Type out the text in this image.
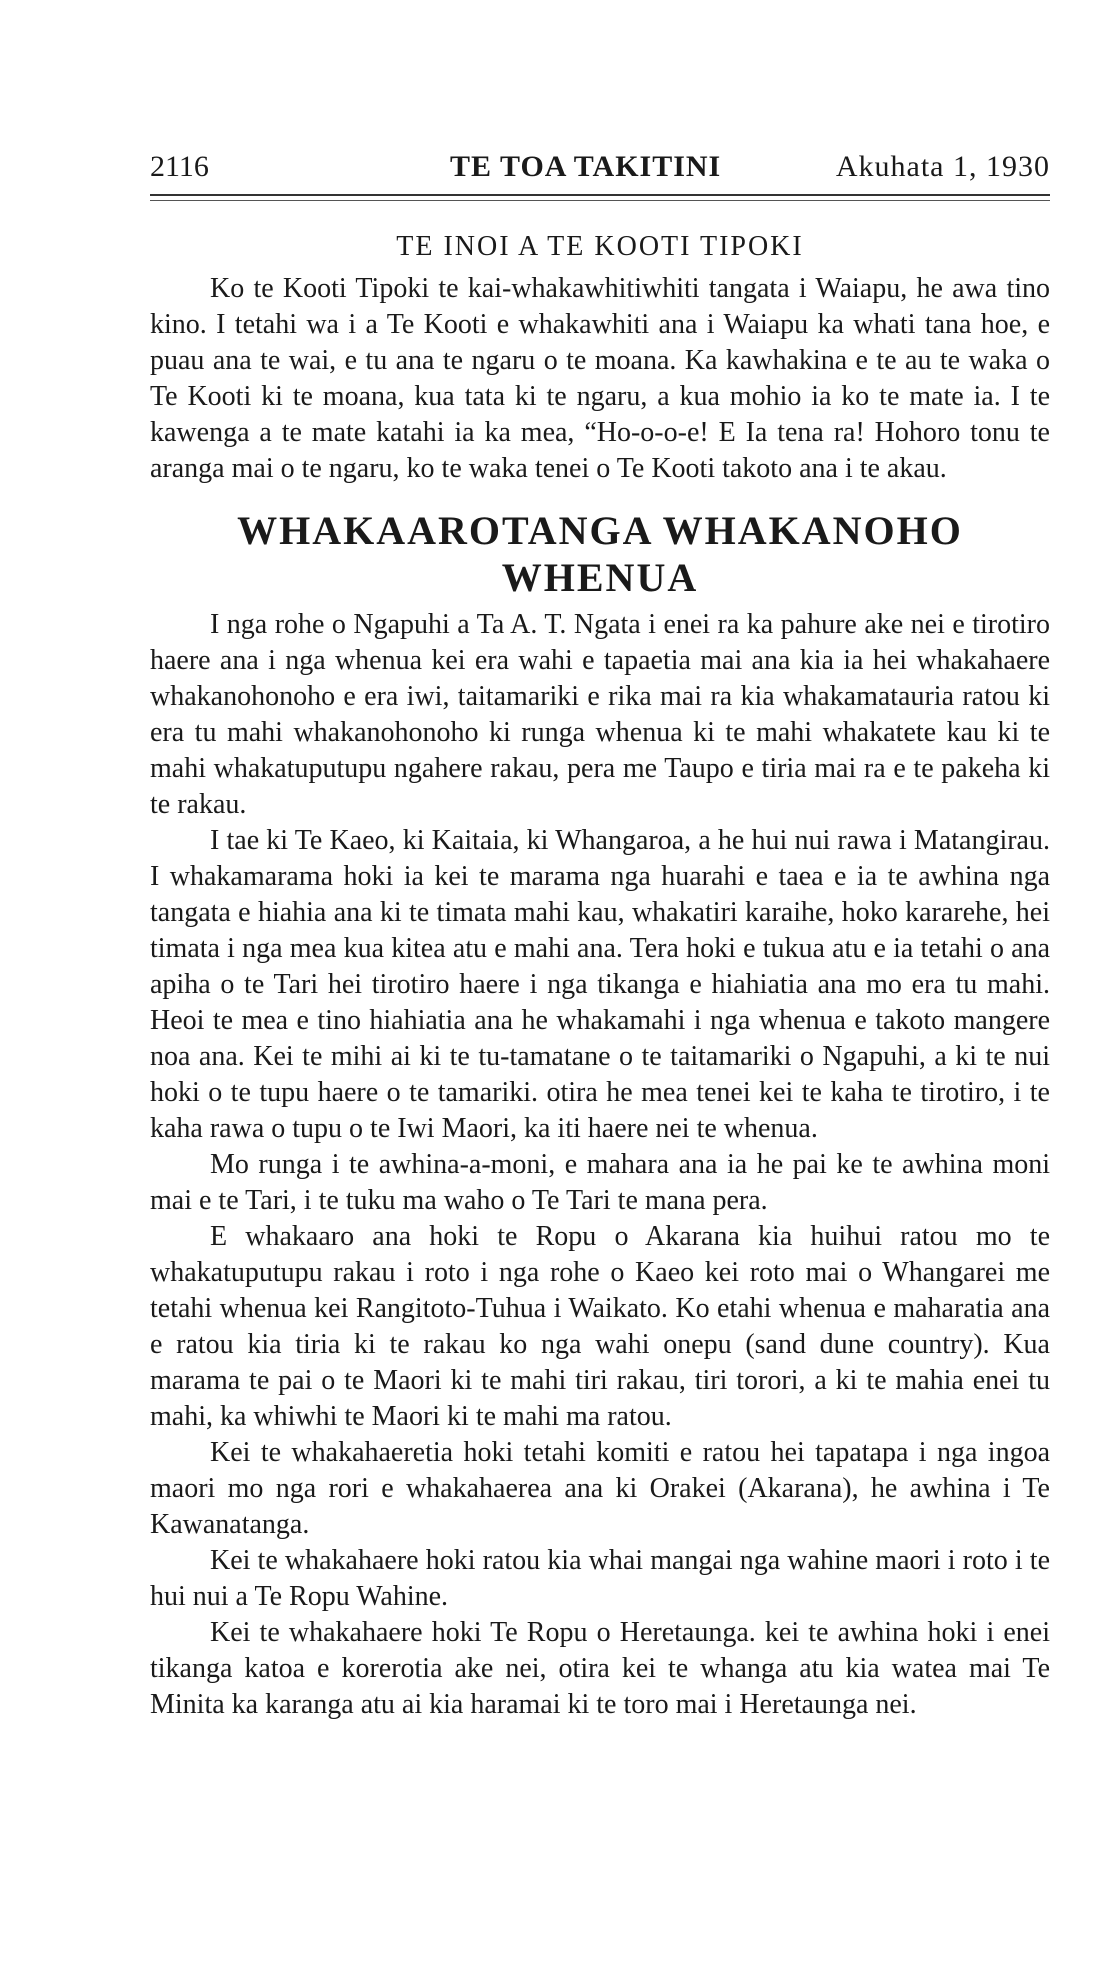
2116	TE TOA TAKITINI	Akuhata 1, 1930
TE INOI A TE KOOTI TIPOKI

Ko te Kooti Tipoki te kai-whakawhitiwhiti tangata i Waiapu, he awa tino kino. I tetahi wa i a Te Kooti e whakawhiti ana i Waiapu ka whati tana hoe, e puau ana te wai, e tu ana te ngaru o te moana. Ka kawhakina e te au te waka o Te Kooti ki te moana, kua tata ki te ngaru, a kua mohio ia ko te mate ia. I te kawenga a te mate katahi ia ka mea, “Ho-o-o-e! E Ia tena ra! Hohoro tonu te aranga mai o te ngaru, ko te waka tenei o Te Kooti takoto ana i te akau.

WHAKAAROTANGA WHAKANOHO WHENUA

I nga rohe o Ngapuhi a Ta A. T. Ngata i enei ra ka pahure ake nei e tirotiro haere ana i nga whenua kei era wahi e tapaetia mai ana kia ia hei whakahaere whakanohonoho e era iwi, taitamariki e rika mai ra kia whakamatauria ratou ki era tu mahi whakanohonoho ki runga whenua ki te mahi whakatete kau ki te mahi whakatuputupu ngahere rakau, pera me Taupo e tiria mai ra e te pakeha ki te rakau.

I tae ki Te Kaeo, ki Kaitaia, ki Whangaroa, a he hui nui rawa i Matangirau. I whakamarama hoki ia kei te marama nga huarahi e taea e ia te awhina nga tangata e hiahia ana ki te timata mahi kau, whakatiri karaihe, hoko kararehe, hei timata i nga mea kua kitea atu e mahi ana. Tera hoki e tukua atu e ia tetahi o ana apiha o te Tari hei tirotiro haere i nga tikanga e hiahiatia ana mo era tu mahi. Heoi te mea e tino hiahiatia ana he whakamahi i nga whenua e takoto mangere noa ana. Kei te mihi ai ki te tu-tamatane o te taitamariki o Ngapuhi, a ki te nui hoki o te tupu haere o te tamariki. otira he mea tenei kei te kaha te tirotiro, i te kaha rawa o tupu o te Iwi Maori, ka iti haere nei te whenua.

Mo runga i te awhina-a-moni, e mahara ana ia he pai ke te awhina moni mai e te Tari, i te tuku ma waho o Te Tari te mana pera.

E whakaaro ana hoki te Ropu o Akarana kia huihui ratou mo te whakatuputupu rakau i roto i nga rohe o Kaeo kei roto mai o Whangarei me tetahi whenua kei Rangitoto-Tuhua i Waikato. Ko etahi whenua e maharatia ana e ratou kia tiria ki te rakau ko nga wahi onepu (sand dune country). Kua marama te pai o te Maori ki te mahi tiri rakau, tiri torori, a ki te mahia enei tu mahi, ka whiwhi te Maori ki te mahi ma ratou.

Kei te whakahaeretia hoki tetahi komiti e ratou hei tapatapa i nga ingoa maori mo nga rori e whakahaerea ana ki Orakei (Akarana), he awhina i Te Kawanatanga.

Kei te whakahaere hoki ratou kia whai mangai nga wahine maori i roto i te hui nui a Te Ropu Wahine.

Kei te whakahaere hoki Te Ropu o Heretaunga. kei te awhina hoki i enei tikanga katoa e korerotia ake nei, otira kei te whanga atu kia watea mai Te Minita ka karanga atu ai kia haramai ki te toro mai i Heretaunga nei.
